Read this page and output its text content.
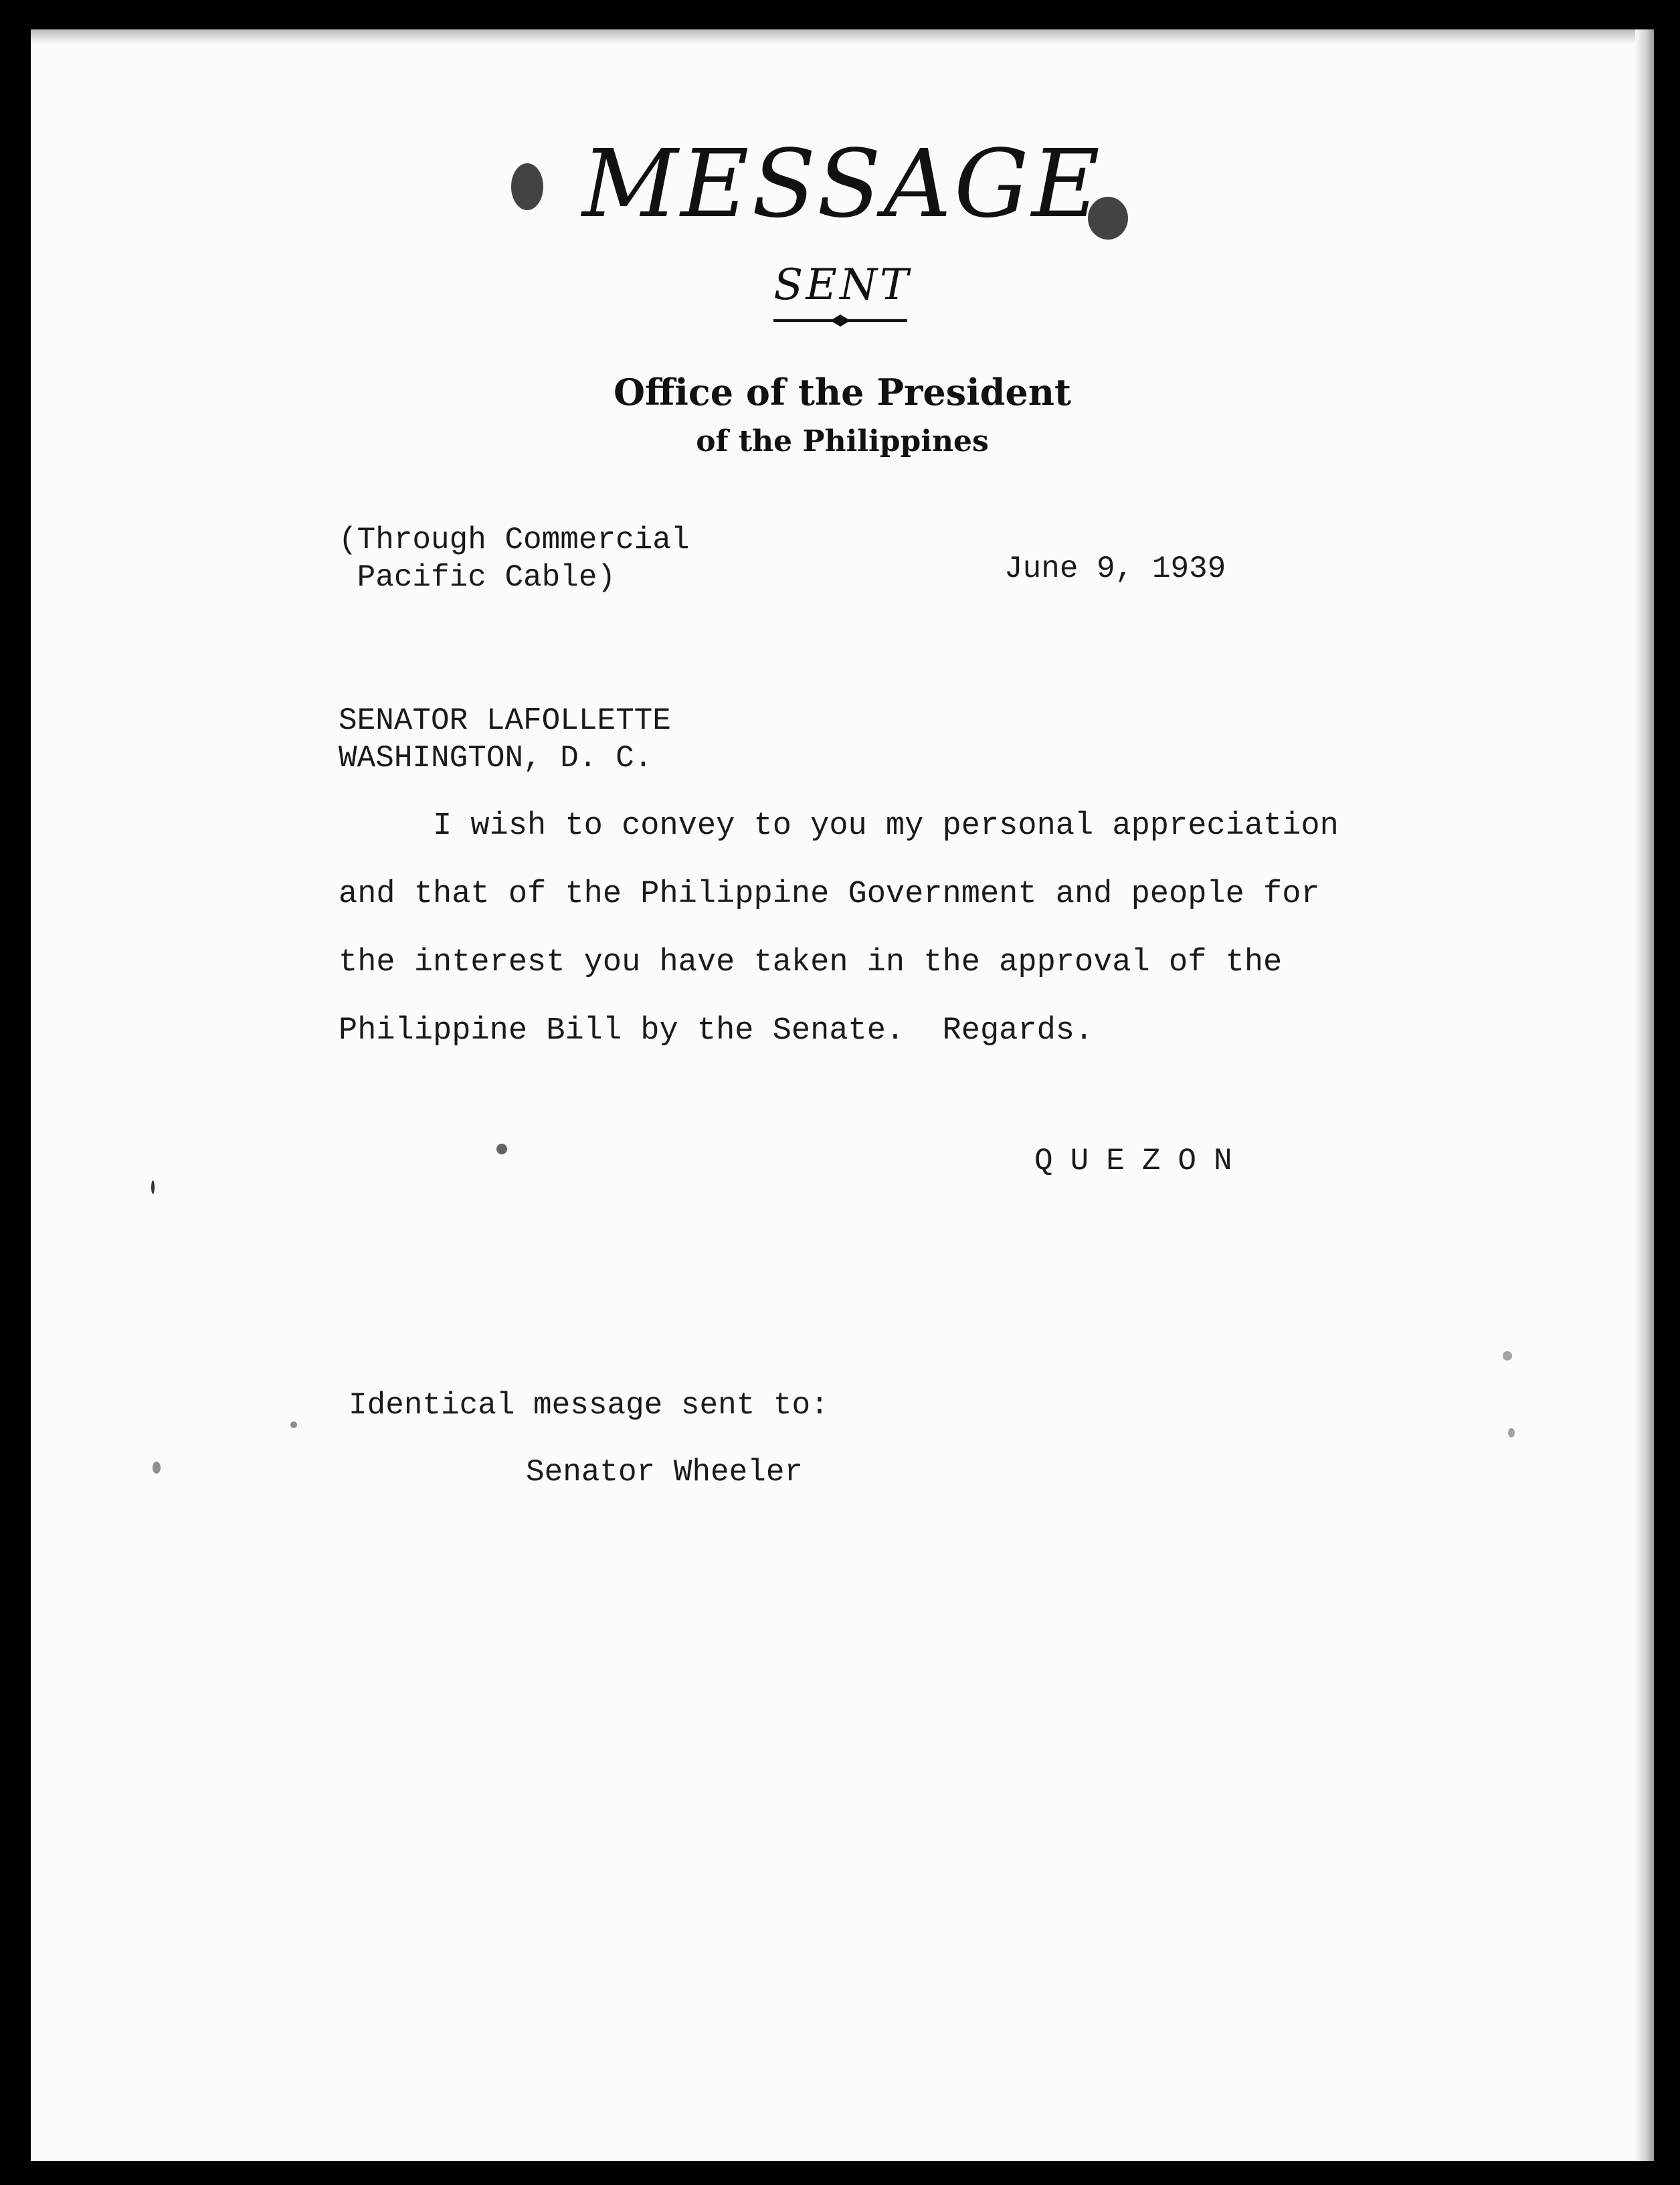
MESSAGE
SENT
Office of the President
of the Philippines
(Through Commercial
Pacific Cable)	June 9, 1939
SENATOR LAFOLLETTE
WASHINGTON, D. C.
I wish to convey to you my personal appreciation
and that of the Philippine Government and people for
the interest you have taken in the approval of the
Philippine Bill by the Senate.  Regards.
QUEZON
Identical message sent to:
Senator Wheeler
